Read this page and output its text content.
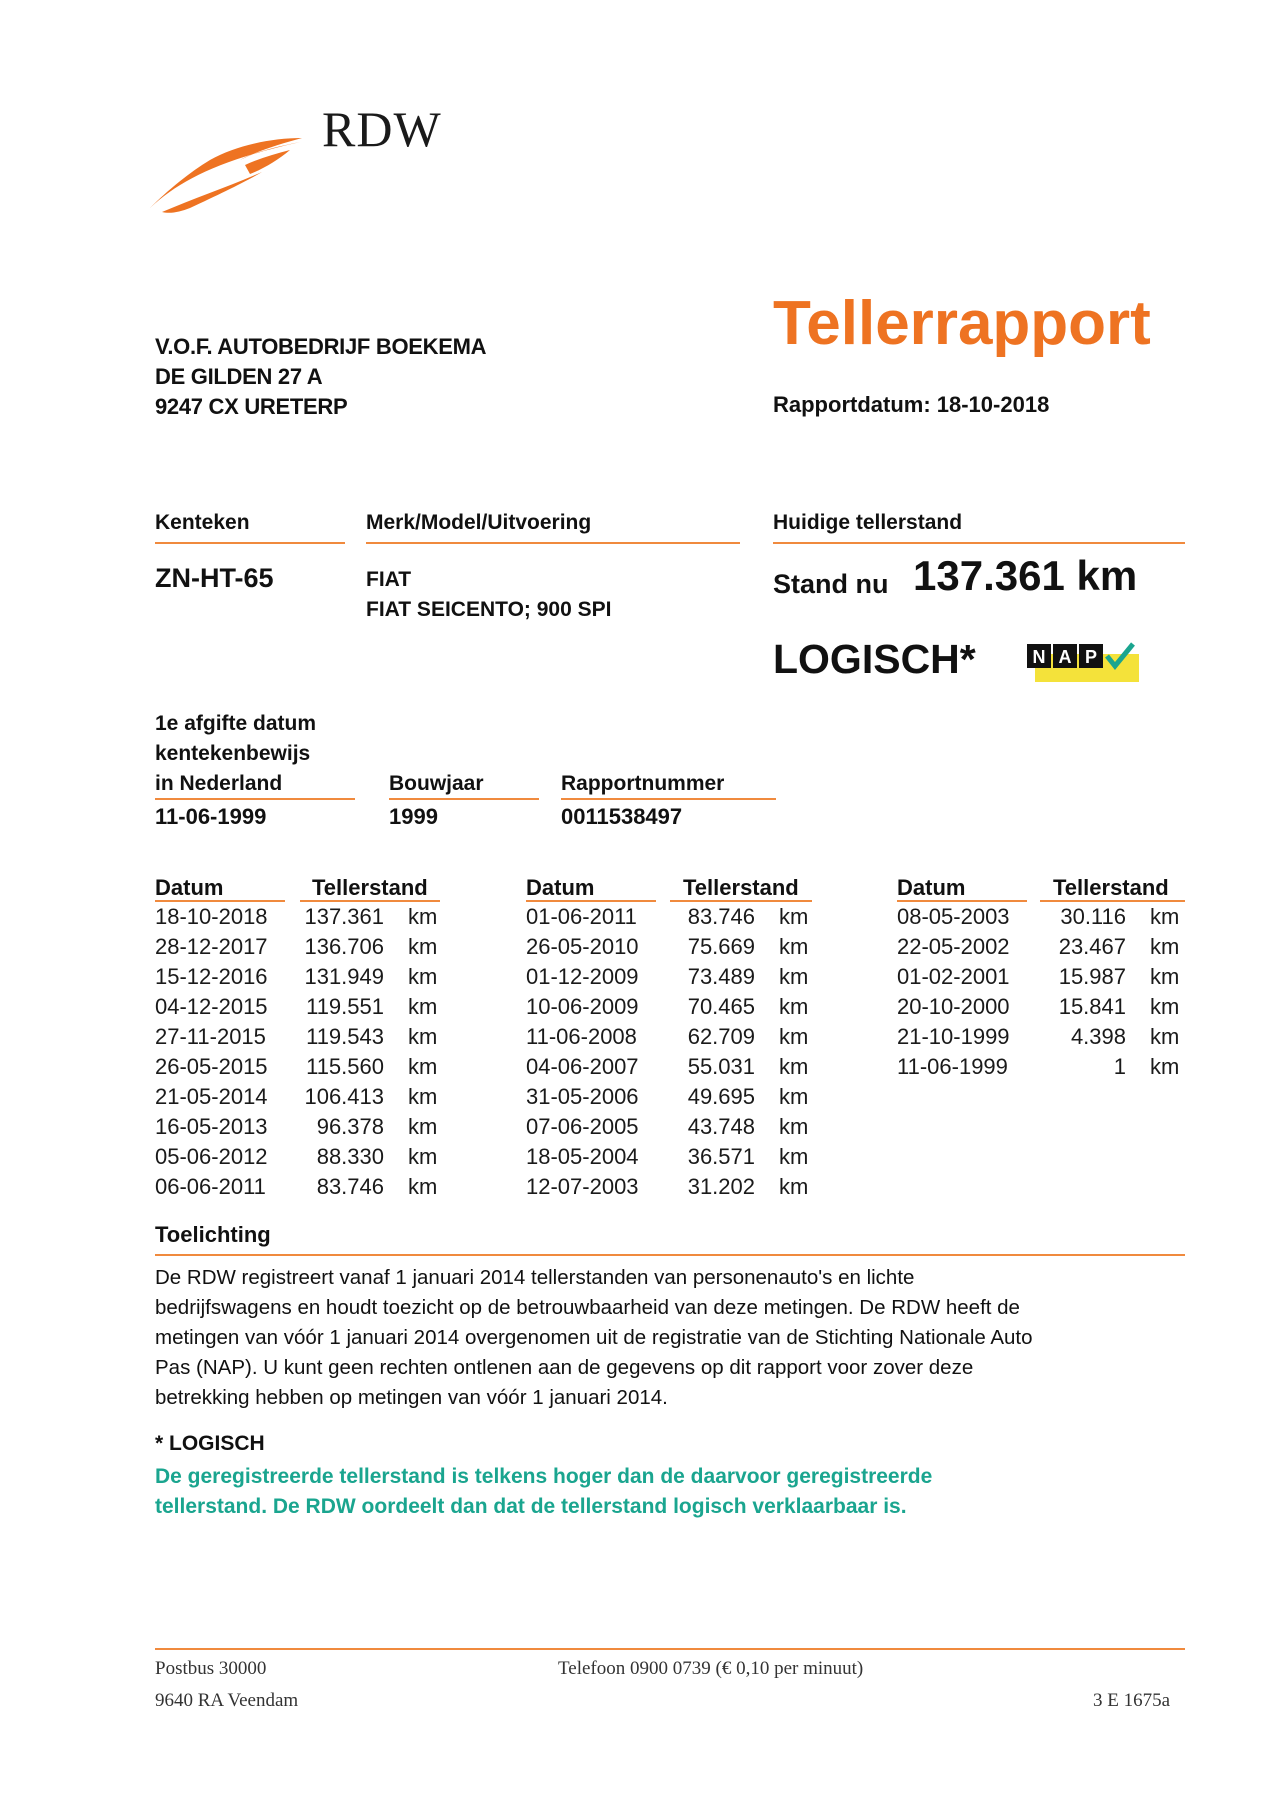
RDW
V.O.F. AUTOBEDRIJF BOEKEMA
DE GILDEN 27 A
9247 CX URETERP
Tellerrapport
Rapportdatum: 18-10-2018
Kenteken	Merk/Model/Uitvoering	Huidige tellerstand
ZN-HT-65	FIAT
FIAT SEICENTO; 900 SPI
Stand nu 137.361 km
LOGISCH*	N A P
1e afgifte datum
kentekenbewijs
in Nederland	Bouwjaar	Rapportnummer
11-06-1999	1999	0011538497
Datum	Tellerstand	Datum	Tellerstand	Datum	Tellerstand
18-10-2018	137.361 km
28-12-2017	136.706 km
15-12-2016	131.949 km
04-12-2015	119.551 km
27-11-2015	119.543 km
26-05-2015	115.560 km
21-05-2014	106.413 km
16-05-2013	96.378 km
05-06-2012	88.330 km
06-06-2011	83.746 km
01-06-2011	83.746 km
26-05-2010	75.669 km
01-12-2009	73.489 km
10-06-2009	70.465 km
11-06-2008	62.709 km
04-06-2007	55.031 km
31-05-2006	49.695 km
07-06-2005	43.748 km
18-05-2004	36.571 km
12-07-2003	31.202 km
08-05-2003	30.116 km
22-05-2002	23.467 km
01-02-2001	15.987 km
20-10-2000	15.841 km
21-10-1999	4.398 km
11-06-1999	1 km
Toelichting
De RDW registreert vanaf 1 januari 2014 tellerstanden van personenauto's en lichte
bedrijfswagens en houdt toezicht op de betrouwbaarheid van deze metingen. De RDW heeft de
metingen van vóór 1 januari 2014 overgenomen uit de registratie van de Stichting Nationale Auto
Pas (NAP). U kunt geen rechten ontlenen aan de gegevens op dit rapport voor zover deze
betrekking hebben op metingen van vóór 1 januari 2014.
* LOGISCH
De geregistreerde tellerstand is telkens hoger dan de daarvoor geregistreerde
tellerstand. De RDW oordeelt dan dat de tellerstand logisch verklaarbaar is.
Postbus 30000
9640 RA Veendam
Telefoon 0900 0739 (€ 0,10 per minuut)
3 E 1675a
